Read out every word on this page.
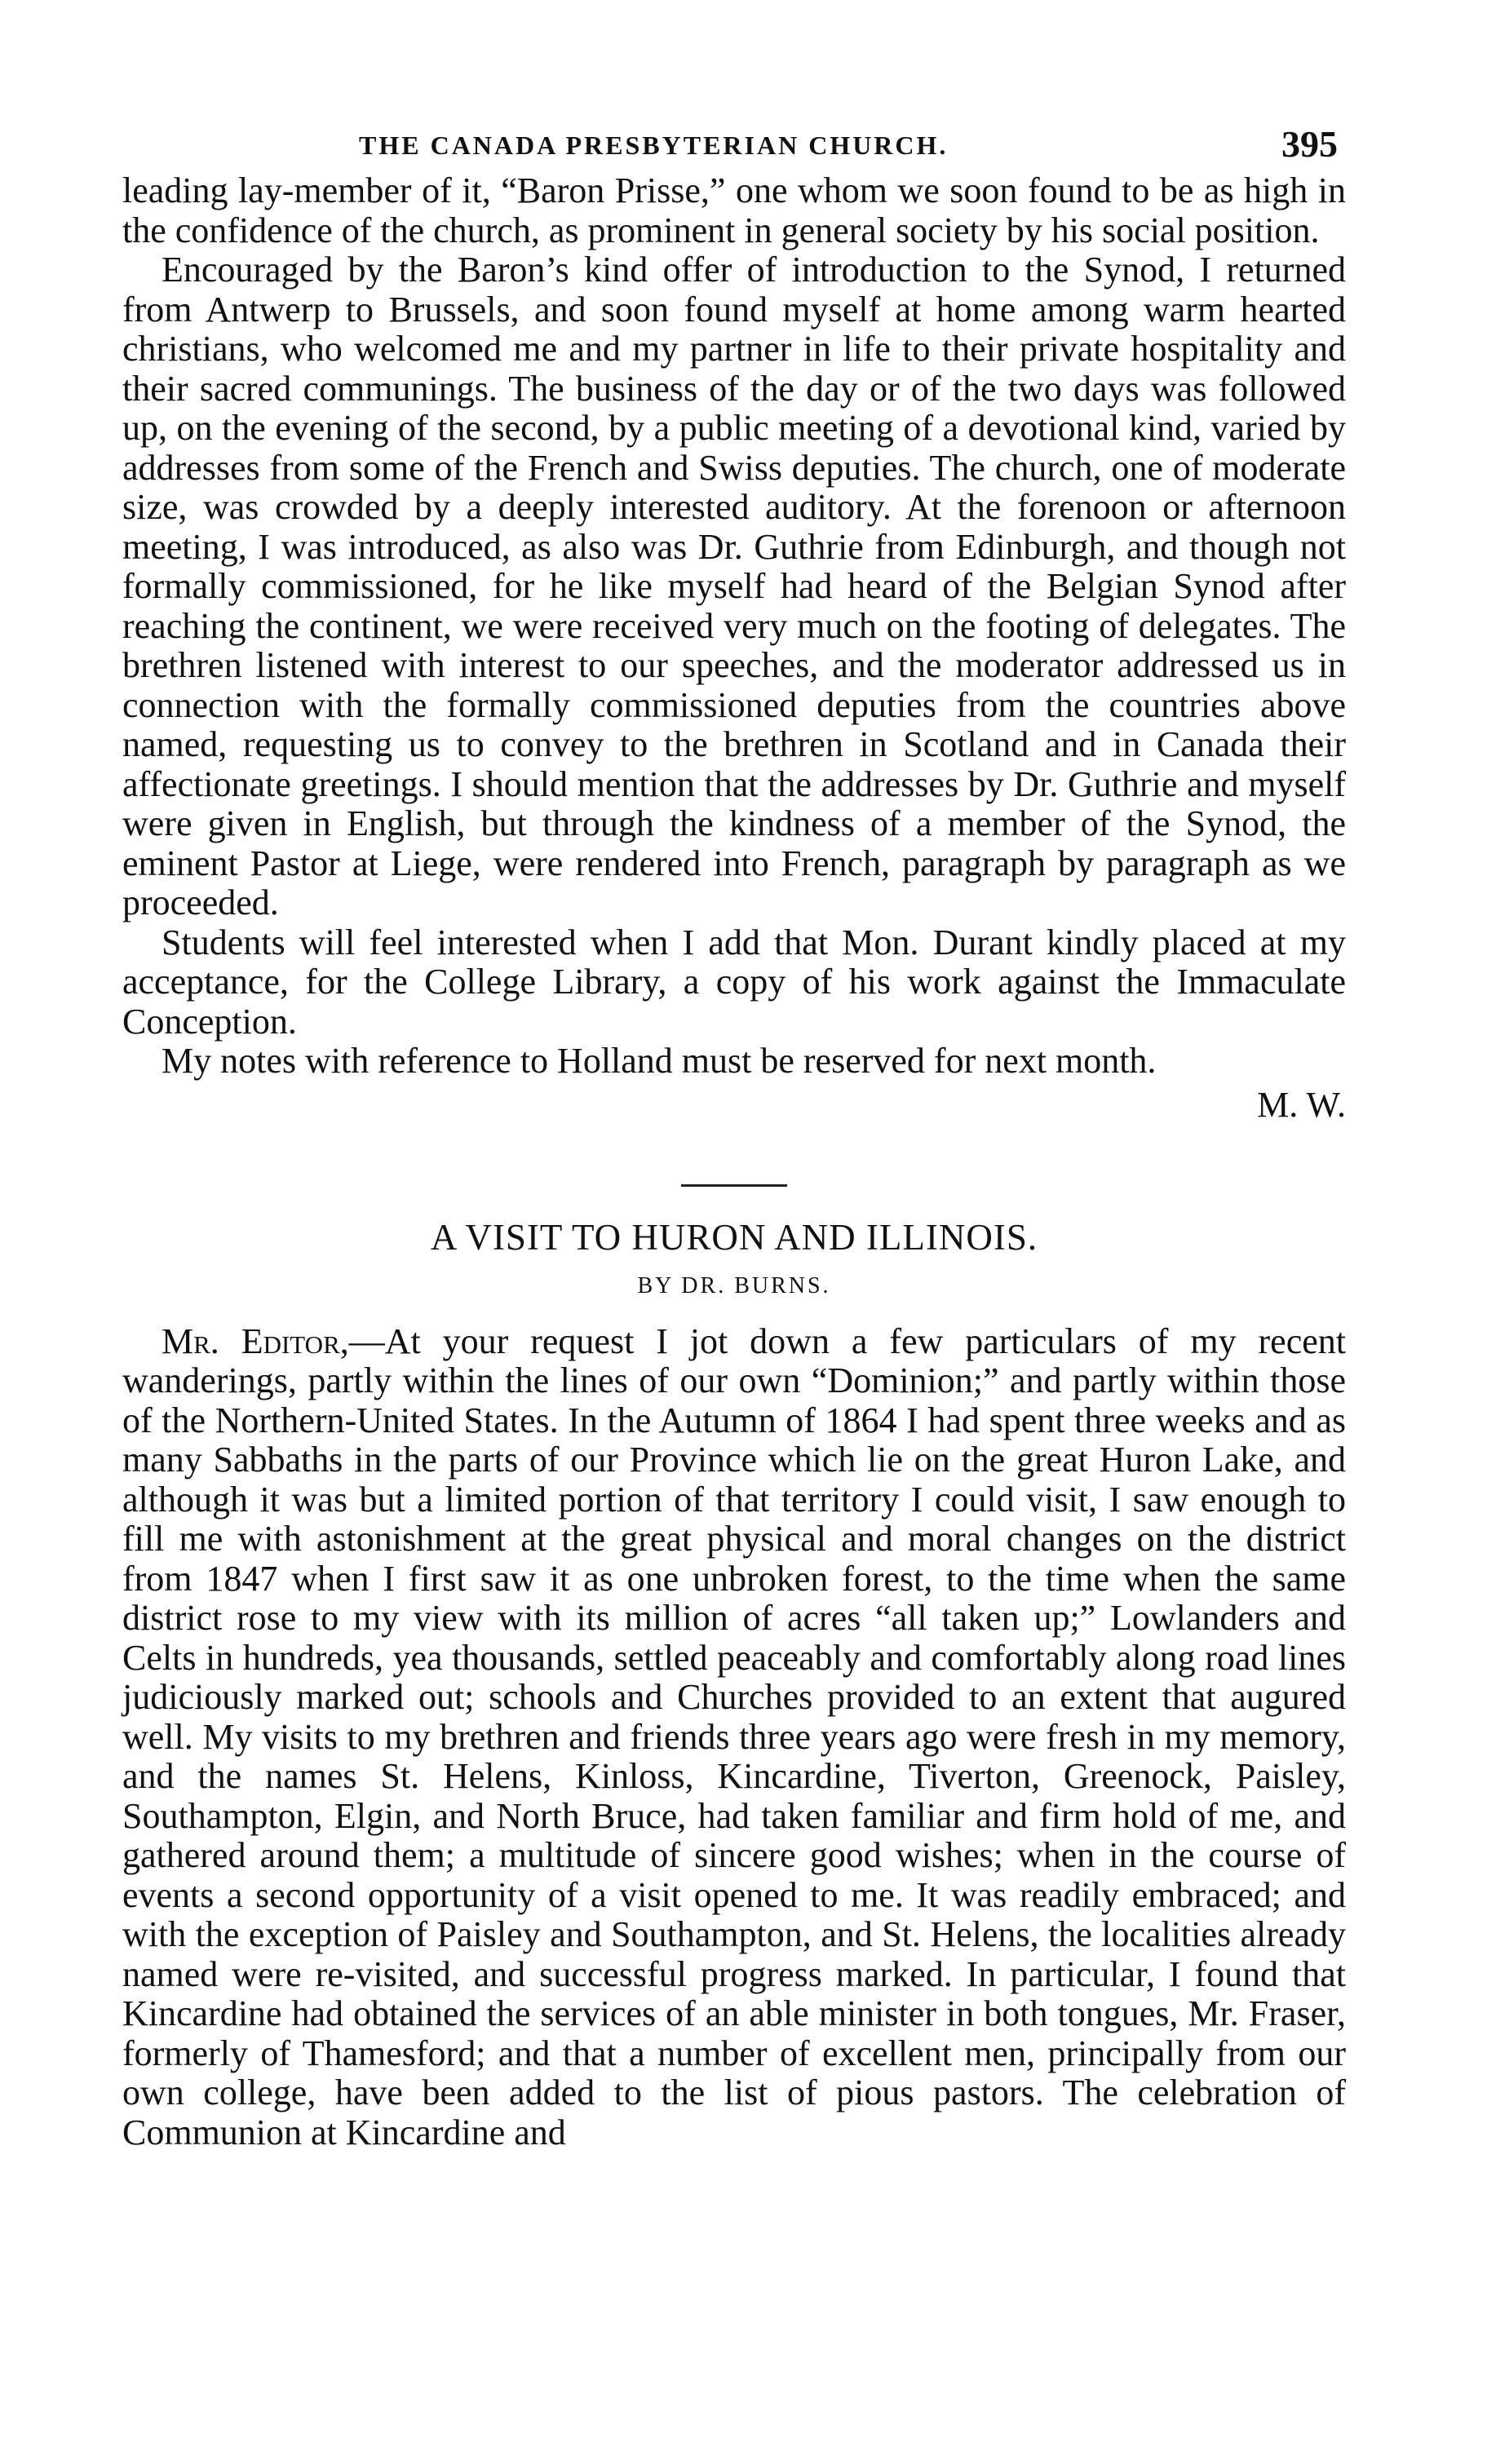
THE CANADA PRESBYTERIAN CHURCH.	395

leading lay-member of it, “Baron Prisse,” one whom we soon found to be as high in the confidence of the church, as prominent in general society by his social position.

Encouraged by the Baron’s kind offer of introduction to the Synod, I returned from Antwerp to Brussels, and soon found myself at home among warm hearted christians, who welcomed me and my partner in life to their private hospitality and their sacred communings. The business of the day or of the two days was followed up, on the evening of the second, by a public meeting of a devotional kind, varied by addresses from some of the French and Swiss deputies. The church, one of moderate size, was crowded by a deeply interested auditory. At the forenoon or afternoon meeting, I was introduced, as also was Dr. Guthrie from Edinburgh, and though not formally commissioned, for he like myself had heard of the Belgian Synod after reaching the continent, we were received very much on the footing of delegates. The brethren listened with interest to our speeches, and the moderator addressed us in connection with the formally commissioned deputies from the countries above named, requesting us to convey to the brethren in Scotland and in Canada their affectionate greetings. I should mention that the addresses by Dr. Guthrie and myself were given in English, but through the kindness of a member of the Synod, the eminent Pastor at Liege, were rendered into French, paragraph by paragraph as we proceeded.

Students will feel interested when I add that Mon. Durant kindly placed at my acceptance, for the College Library, a copy of his work against the Immaculate Conception.

My notes with reference to Holland must be reserved for next month.

M. W.

A VISIT TO HURON AND ILLINOIS.

BY DR. BURNS.

Mr. Editor,—At your request I jot down a few particulars of my recent wanderings, partly within the lines of our own “Dominion;” and partly within those of the Northern-United States. In the Autumn of 1864 I had spent three weeks and as many Sabbaths in the parts of our Province which lie on the great Huron Lake, and although it was but a limited portion of that territory I could visit, I saw enough to fill me with astonishment at the great physical and moral changes on the district from 1847 when I first saw it as one unbroken forest, to the time when the same district rose to my view with its million of acres “all taken up;” Lowlanders and Celts in hundreds, yea thousands, settled peaceably and comfortably along road lines judiciously marked out; schools and Churches provided to an extent that augured well. My visits to my brethren and friends three years ago were fresh in my memory, and the names St. Helens, Kinloss, Kincardine, Tiverton, Greenock, Paisley, Southampton, Elgin, and North Bruce, had taken familiar and firm hold of me, and gathered around them; a multitude of sincere good wishes; when in the course of events a second opportunity of a visit opened to me. It was readily embraced; and with the exception of Paisley and Southampton, and St. Helens, the localities already named were re-visited, and successful progress marked. In particular, I found that Kincardine had obtained the services of an able minister in both tongues, Mr. Fraser, formerly of Thamesford; and that a number of excellent men, principally from our own college, have been added to the list of pious pastors. The celebration of Communion at Kincardine and
